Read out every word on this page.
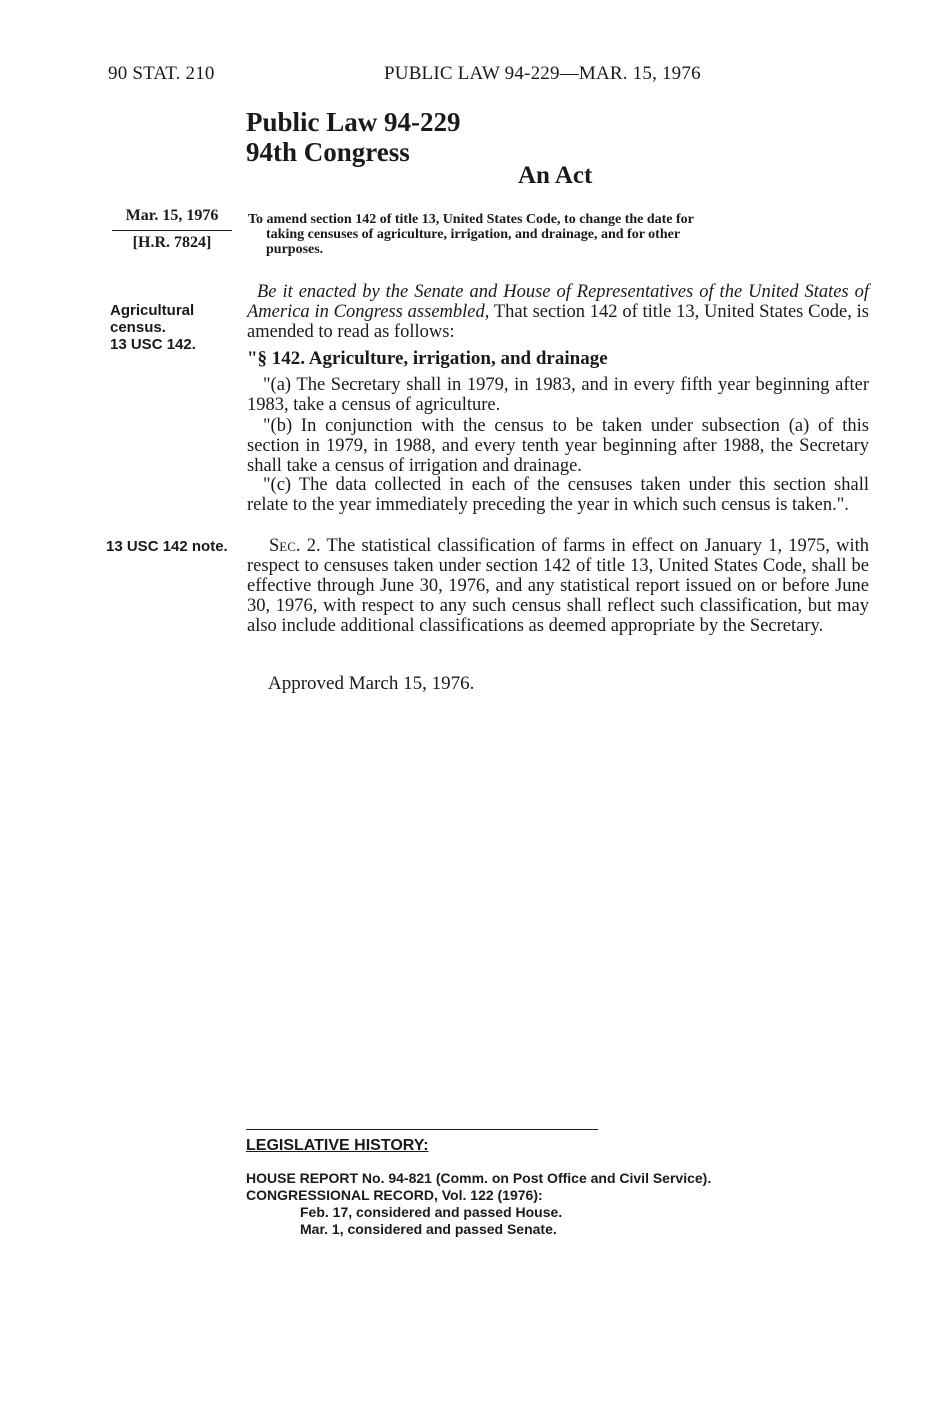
90 STAT. 210	PUBLIC LAW 94-229—MAR. 15, 1976
Public Law 94-229
94th Congress
An Act
Mar. 15, 1976
[H.R. 7824]
To amend section 142 of title 13, United States Code, to change the date for
taking censuses of agriculture, irrigation, and drainage, and for other
purposes.
Agricultural
census.
13 USC 142.
Be it enacted by the Senate and House of Representatives of the United States of America in Congress assembled, That section 142 of title 13, United States Code, is amended to read as follows:
"§ 142. Agriculture, irrigation, and drainage
"(a) The Secretary shall in 1979, in 1983, and in every fifth year beginning after 1983, take a census of agriculture.
"(b) In conjunction with the census to be taken under subsection (a) of this section in 1979, in 1988, and every tenth year beginning after 1988, the Secretary shall take a census of irrigation and drainage.
"(c) The data collected in each of the censuses taken under this section shall relate to the year immediately preceding the year in which such census is taken.".
13 USC 142 note.	Sec. 2. The statistical classification of farms in effect on January 1, 1975, with respect to censuses taken under section 142 of title 13, United States Code, shall be effective through June 30, 1976, and any statistical report issued on or before June 30, 1976, with respect to any such census shall reflect such classification, but may also include additional classifications as deemed appropriate by the Secretary.
Approved March 15, 1976.
LEGISLATIVE HISTORY:
HOUSE REPORT No. 94-821 (Comm. on Post Office and Civil Service).
CONGRESSIONAL RECORD, Vol. 122 (1976):
Feb. 17, considered and passed House.
Mar. 1, considered and passed Senate.
